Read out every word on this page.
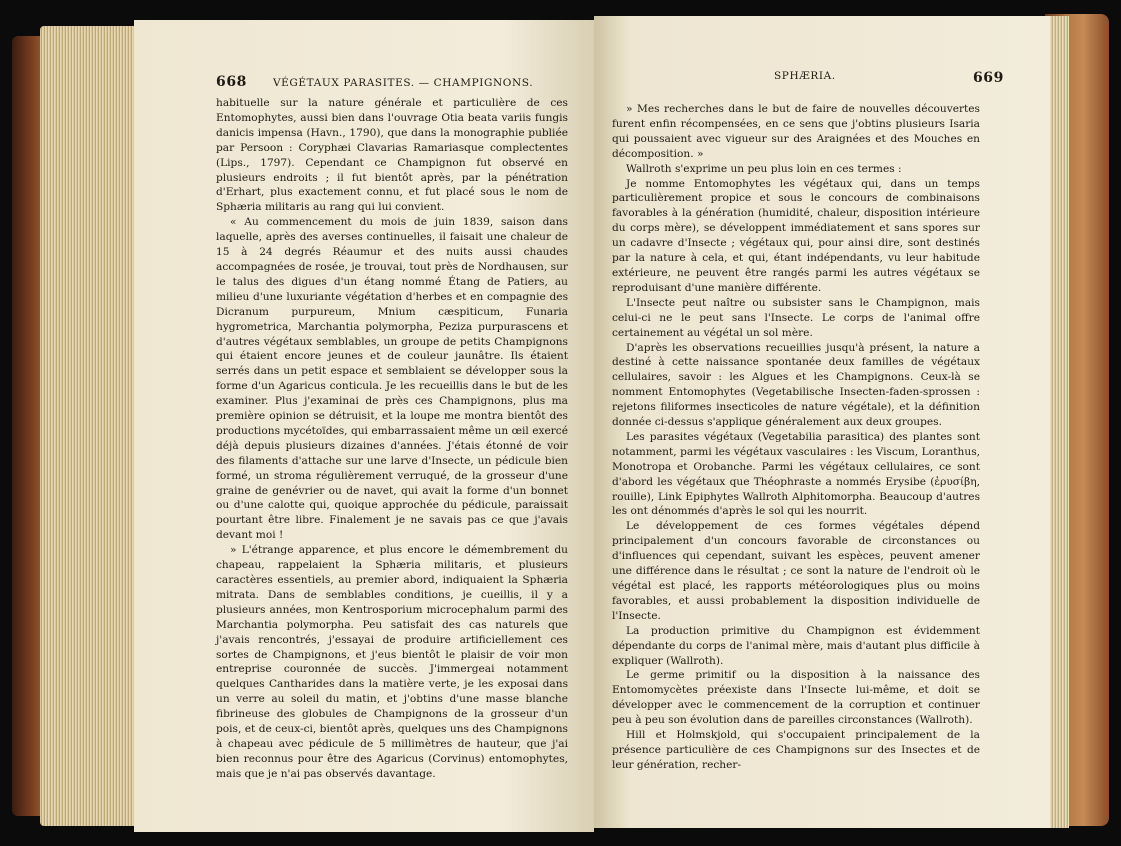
668 VÉGÉTAUX PARASITES. — CHAMPIGNONS.

habituelle sur la nature générale et particulière de ces Entomophytes, aussi bien dans l'ouvrage Otia beata variis fungis danicis impensa (Havn., 1790), que dans la monographie publiée par Persoon : Coryphæi Clavarias Ramariasque complectentes (Lips., 1797). Cependant ce Champignon fut observé en plusieurs endroits ; il fut bientôt après, par la pénétration d'Erhart, plus exactement connu, et fut placé sous le nom de Sphæria militaris au rang qui lui convient.

« Au commencement du mois de juin 1839, saison dans laquelle, après des averses continuelles, il faisait une chaleur de 15 à 24 degrés Réaumur et des nuits aussi chaudes accompagnées de rosée, je trouvai, tout près de Nordhausen, sur le talus des digues d'un étang nommé Étang de Patiers, au milieu d'une luxuriante végétation d'herbes et en compagnie des Dicranum purpureum, Mnium cæspiticum, Funaria hygrometrica, Marchantia polymorpha, Peziza purpurascens et d'autres végétaux semblables, un groupe de petits Champignons qui étaient encore jeunes et de couleur jaunâtre. Ils étaient serrés dans un petit espace et semblaient se développer sous la forme d'un Agaricus conticula. Je les recueillis dans le but de les examiner. Plus j'examinai de près ces Champignons, plus ma première opinion se détruisit, et la loupe me montra bientôt des productions mycétoïdes, qui embarrassaient même un œil exercé déjà depuis plusieurs dizaines d'années. J'étais étonné de voir des filaments d'attache sur une larve d'Insecte, un pédicule bien formé, un stroma régulièrement verruqué, de la grosseur d'une graine de genévrier ou de navet, qui avait la forme d'un bonnet ou d'une calotte qui, quoique approchée du pédicule, paraissait pourtant être libre. Finalement je ne savais pas ce que j'avais devant moi !

» L'étrange apparence, et plus encore le démembrement du chapeau, rappelaient la Sphæria militaris, et plusieurs caractères essentiels, au premier abord, indiquaient la Sphæria mitrata. Dans de semblables conditions, je cueillis, il y a plusieurs années, mon Kentrosporium microcephalum parmi des Marchantia polymorpha. Peu satisfait des cas naturels que j'avais rencontrés, j'essayai de produire artificiellement ces sortes de Champignons, et j'eus bientôt le plaisir de voir mon entreprise couronnée de succès. J'immergeai notamment quelques Cantharides dans la matière verte, je les exposai dans un verre au soleil du matin, et j'obtins d'une masse blanche fibrineuse des globules de Champignons de la grosseur d'un pois, et de ceux-ci, bientôt après, quelques uns des Champignons à chapeau avec pédicule de 5 millimètres de hauteur, que j'ai bien reconnus pour être des Agaricus (Corvinus) entomophytes, mais que je n'ai pas observés davantage.

SPHÆRIA.	669

» Mes recherches dans le but de faire de nouvelles découvertes furent enfin récompensées, en ce sens que j'obtins plusieurs Isaria qui poussaient avec vigueur sur des Araignées et des Mouches en décomposition. »

Wallroth s'exprime un peu plus loin en ces termes :

Je nomme Entomophytes les végétaux qui, dans un temps particulièrement propice et sous le concours de combinaisons favorables à la génération (humidité, chaleur, disposition intérieure du corps mère), se développent immédiatement et sans spores sur un cadavre d'Insecte ; végétaux qui, pour ainsi dire, sont destinés par la nature à cela, et qui, étant indépendants, vu leur habitude extérieure, ne peuvent être rangés parmi les autres végétaux se reproduisant d'une manière différente.

L'Insecte peut naître ou subsister sans le Champignon, mais celui-ci ne le peut sans l'Insecte. Le corps de l'animal offre certainement au végétal un sol mère.

D'après les observations recueillies jusqu'à présent, la nature a destiné à cette naissance spontanée deux familles de végétaux cellulaires, savoir : les Algues et les Champignons. Ceux-là se nomment Entomophytes (Vegetabilische Insecten-faden-sprossen : rejetons filiformes insecticoles de nature végétale), et la définition donnée ci-dessus s'applique généralement aux deux groupes.

Les parasites végétaux (Vegetabilia parasitica) des plantes sont notamment, parmi les végétaux vasculaires : les Viscum, Loranthus, Monotropa et Orobanche. Parmi les végétaux cellulaires, ce sont d'abord les végétaux que Théophraste a nommés Erysibe (ἐρυσίβη, rouille), Link Epiphytes Wallroth Alphitomorpha. Beaucoup d'autres les ont dénommés d'après le sol qui les nourrit.

Le développement de ces formes végétales dépend principalement d'un concours favorable de circonstances ou d'influences qui cependant, suivant les espèces, peuvent amener une différence dans le résultat ; ce sont la nature de l'endroit où le végétal est placé, les rapports météorologiques plus ou moins favorables, et aussi probablement la disposition individuelle de l'Insecte.

La production primitive du Champignon est évidemment dépendante du corps de l'animal mère, mais d'autant plus difficile à expliquer (Wallroth).

Le germe primitif ou la disposition à la naissance des Entomomycètes préexiste dans l'Insecte lui-même, et doit se développer avec le commencement de la corruption et continuer peu à peu son évolution dans de pareilles circonstances (Wallroth).

Hill et Holmskjold, qui s'occupaient principalement de la présence particulière de ces Champignons sur des Insectes et de leur génération, recher-
